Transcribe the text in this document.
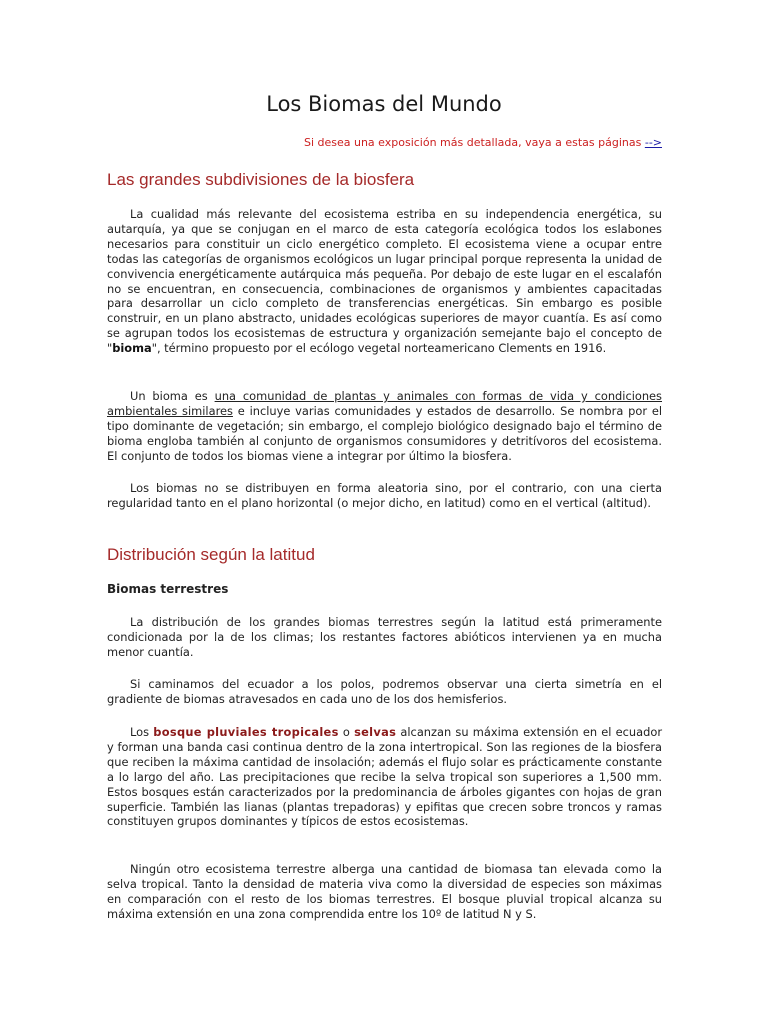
Los Biomas del Mundo
Si desea una exposición más detallada, vaya a estas páginas -->
Las grandes subdivisiones de la biosfera

La cualidad más relevante del ecosistema estriba en su independencia energética, su autarquía, ya que se conjugan en el marco de esta categoría ecológica todos los eslabones necesarios para constituir un ciclo energético completo. El ecosistema viene a ocupar entre todas las categorías de organismos ecológicos un lugar principal porque representa la unidad de convivencia energéticamente autárquica más pequeña. Por debajo de este lugar en el escalafón no se encuentran, en consecuencia, combinaciones de organismos y ambientes capacitadas para desarrollar un ciclo completo de transferencias energéticas. Sin embargo es posible construir, en un plano abstracto, unidades ecológicas superiores de mayor cuantía. Es así como se agrupan todos los ecosistemas de estructura y organización semejante bajo el concepto de "bioma", término propuesto por el ecólogo vegetal norteamericano Clements en 1916.

Un bioma es una comunidad de plantas y animales con formas de vida y condiciones ambientales similares e incluye varias comunidades y estados de desarrollo. Se nombra por el tipo dominante de vegetación; sin embargo, el complejo biológico designado bajo el término de bioma engloba también al conjunto de organismos consumidores y detritívoros del ecosistema. El conjunto de todos los biomas viene a integrar por último la biosfera.

Los biomas no se distribuyen en forma aleatoria sino, por el contrario, con una cierta regularidad tanto en el plano horizontal (o mejor dicho, en latitud) como en el vertical (altitud).

Distribución según la latitud
Biomas terrestres

La distribución de los grandes biomas terrestres según la latitud está primeramente condicionada por la de los climas; los restantes factores abióticos intervienen ya en mucha menor cuantía.

Si caminamos del ecuador a los polos, podremos observar una cierta simetría en el gradiente de biomas atravesados en cada uno de los dos hemisferios.

Los bosque pluviales tropicales o selvas alcanzan su máxima extensión en el ecuador y forman una banda casi continua dentro de la zona intertropical. Son las regiones de la biosfera que reciben la máxima cantidad de insolación; además el flujo solar es prácticamente constante a lo largo del año. Las precipitaciones que recibe la selva tropical son superiores a 1,500 mm. Estos bosques están caracterizados por la predominancia de árboles gigantes con hojas de gran superficie. También las lianas (plantas trepadoras) y epifitas que crecen sobre troncos y ramas constituyen grupos dominantes y típicos de estos ecosistemas.

Ningún otro ecosistema terrestre alberga una cantidad de biomasa tan elevada como la selva tropical. Tanto la densidad de materia viva como la diversidad de especies son máximas en comparación con el resto de los biomas terrestres. El bosque pluvial tropical alcanza su máxima extensión en una zona comprendida entre los 10º de latitud N y S.
